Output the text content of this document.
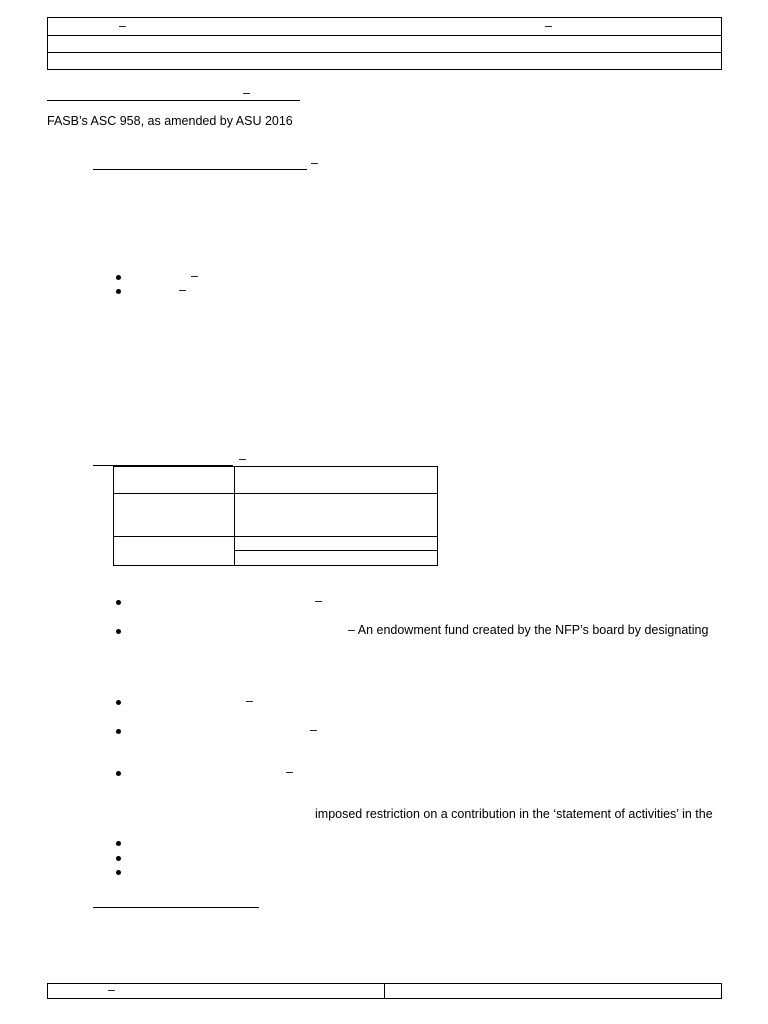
–	–
–
FASB’s ASC 958, as amended by ASU 2016
–
–
–
–
–
– An endowment fund created by the NFP’s board by designating
–
–
–
imposed restriction on a contribution in the ‘statement of activities’ in the
–
